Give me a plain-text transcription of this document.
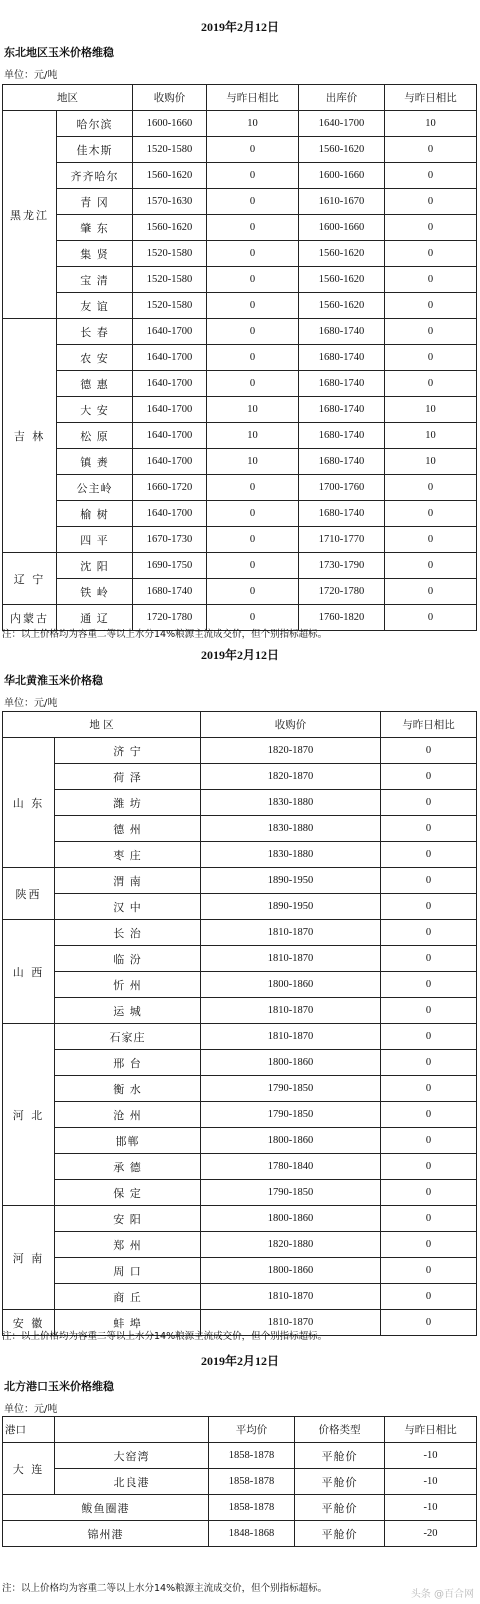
2019年2月12日
东北地区玉米价格维稳
单位：元/吨
地区		收购价	与昨日相比	出库价	与昨日相比
黑龙江	哈尔滨	1600-1660	10	1640-1700	10
	佳木斯	1520-1580	0	1560-1620	0
	齐齐哈尔	1560-1620	0	1600-1660	0
	青 冈	1570-1630	0	1610-1670	0
	肇 东	1560-1620	0	1600-1660	0
	集 贤	1520-1580	0	1560-1620	0
	宝 清	1520-1580	0	1560-1620	0
	友 谊	1520-1580	0	1560-1620	0
吉 林	长 春	1640-1700	0	1680-1740	0
	农 安	1640-1700	0	1680-1740	0
	德 惠	1640-1700	0	1680-1740	0
	大 安	1640-1700	10	1680-1740	10
	松 原	1640-1700	10	1680-1740	10
	镇 赉	1640-1700	10	1680-1740	10
	公主岭	1660-1720	0	1700-1760	0
	榆 树	1640-1700	0	1680-1740	0
	四 平	1670-1730	0	1710-1770	0
辽 宁	沈 阳	1690-1750	0	1730-1790	0
	铁 岭	1680-1740	0	1720-1780	0
内蒙古	通 辽	1720-1780	0	1760-1820	0
注：以上价格均为容重二等以上水分14%粮源主流成交价，但个别指标超标。
2019年2月12日
华北黄淮玉米价格稳
单位：元/吨
地 区		收购价	与昨日相比
山 东	济 宁	1820-1870	0
	荷 泽	1820-1870	0
	潍 坊	1830-1880	0
	德 州	1830-1880	0
	枣 庄	1830-1880	0
陕西	渭 南	1890-1950	0
	汉 中	1890-1950	0
山 西	长 治	1810-1870	0
	临 汾	1810-1870	0
	忻 州	1800-1860	0
	运 城	1810-1870	0
河 北	石家庄	1810-1870	0
	邢 台	1800-1860	0
	衡 水	1790-1850	0
	沧 州	1790-1850	0
	邯郸	1800-1860	0
	承 德	1780-1840	0
	保 定	1790-1850	0
河 南	安 阳	1800-1860	0
	郑 州	1820-1880	0
	周 口	1800-1860	0
	商 丘	1810-1870	0
安 徽	蚌 埠	1810-1870	0
注：以上价格均为容重二等以上水分14%粮源主流成交价，但个别指标超标。
2019年2月12日
北方港口玉米价格维稳
单位：元/吨
港口		平均价	价格类型	与昨日相比
大 连	大窑湾	1858-1878	平舱价	-10
	北良港	1858-1878	平舱价	-10
鲅鱼圈港		1858-1878	平舱价	-10
锦州港		1848-1868	平舱价	-20
注：以上价格均为容重二等以上水分14%粮源主流成交价，但个别指标超标。
头条 @百合网
